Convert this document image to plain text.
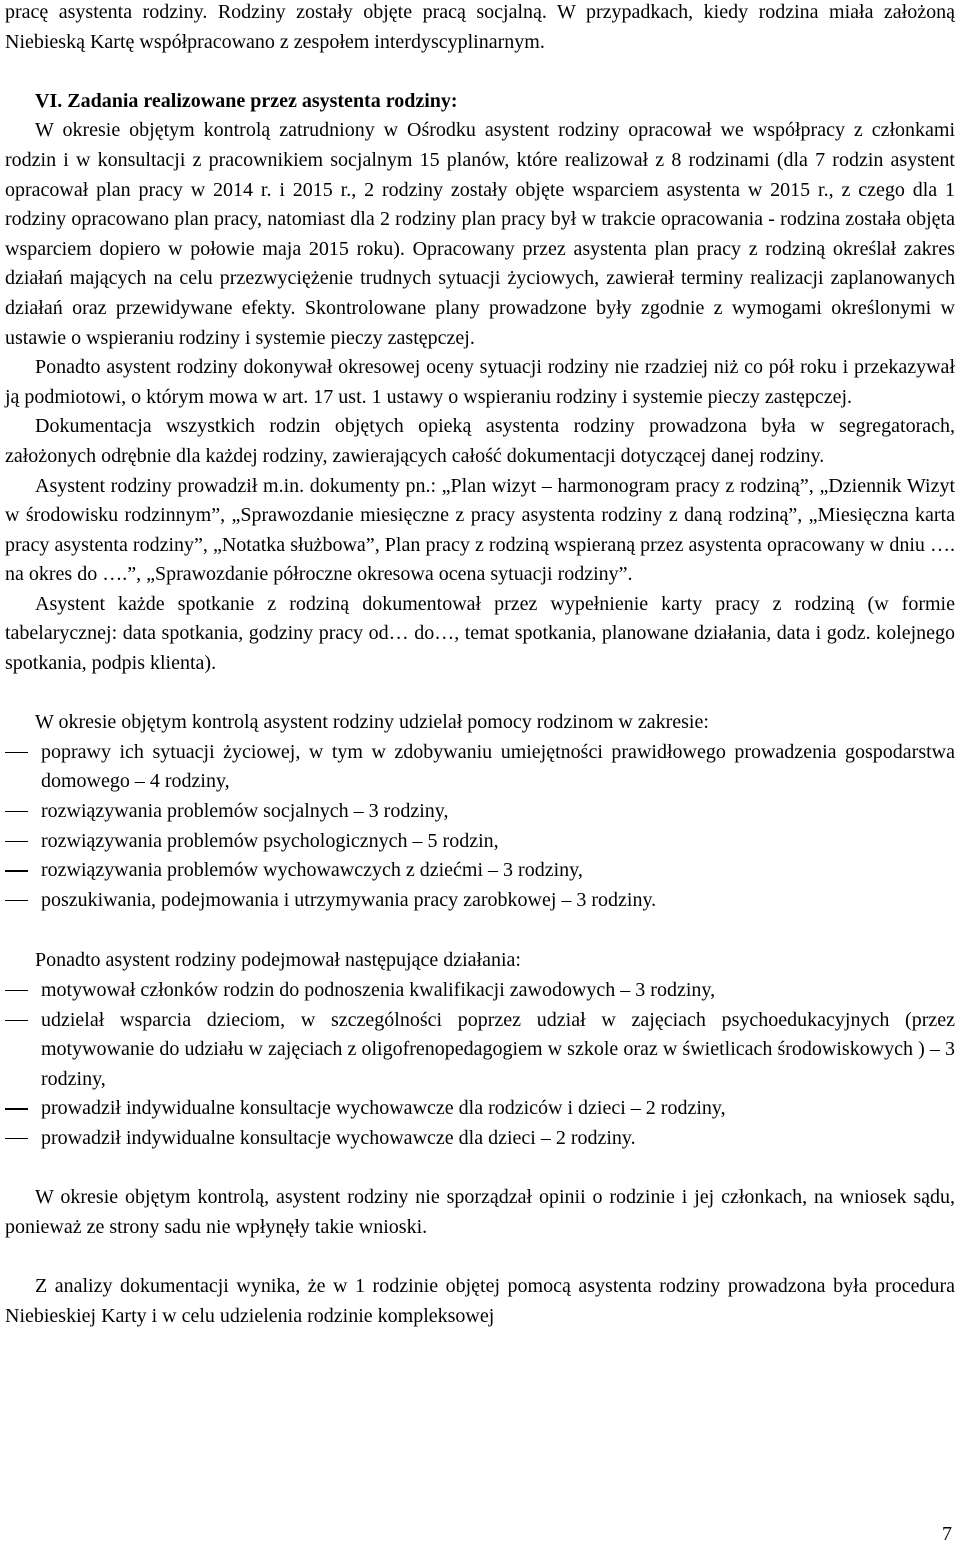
pracę asystenta rodziny. Rodziny zostały objęte pracą socjalną. W przypadkach, kiedy rodzina miała założoną Niebieską Kartę współpracowano z zespołem interdyscyplinarnym.

VI. Zadania realizowane przez asystenta rodziny:

W okresie objętym kontrolą zatrudniony w Ośrodku asystent rodziny opracował we współpracy z członkami rodzin i w konsultacji z pracownikiem socjalnym 15 planów, które realizował z 8 rodzinami (dla 7 rodzin asystent opracował plan pracy w 2014 r. i 2015 r., 2 rodziny zostały objęte wsparciem asystenta w 2015 r., z czego dla 1 rodziny opracowano plan pracy, natomiast dla 2 rodziny plan pracy był w trakcie opracowania - rodzina została objęta wsparciem dopiero w połowie maja 2015 roku). Opracowany przez asystenta plan pracy z rodziną określał zakres działań mających na celu przezwyciężenie trudnych sytuacji życiowych, zawierał terminy realizacji zaplanowanych działań oraz przewidywane efekty. Skontrolowane plany prowadzone były zgodnie z wymogami określonymi w ustawie o wspieraniu rodziny i systemie pieczy zastępczej.

Ponadto asystent rodziny dokonywał okresowej oceny sytuacji rodziny nie rzadziej niż co pół roku i przekazywał ją podmiotowi, o którym mowa w art. 17 ust. 1 ustawy o wspieraniu rodziny i systemie pieczy zastępczej.

Dokumentacja wszystkich rodzin objętych opieką asystenta rodziny prowadzona była w segregatorach, założonych odrębnie dla każdej rodziny, zawierających całość dokumentacji dotyczącej danej rodziny.

Asystent rodziny prowadził m.in. dokumenty pn.: „Plan wizyt – harmonogram pracy z rodziną”, „Dziennik Wizyt w środowisku rodzinnym”, „Sprawozdanie miesięczne z pracy asystenta rodziny z daną rodziną”, „Miesięczna karta pracy asystenta rodziny”, „Notatka służbowa”, Plan pracy z rodziną wspieraną przez asystenta opracowany w dniu …. na okres do ….”, „Sprawozdanie półroczne okresowa ocena sytuacji rodziny”.

Asystent każde spotkanie z rodziną dokumentował przez wypełnienie karty pracy z rodziną (w formie tabelarycznej: data spotkania, godziny pracy od… do…, temat spotkania, planowane działania, data i godz. kolejnego spotkania, podpis klienta).

W okresie objętym kontrolą asystent rodziny udzielał pomocy rodzinom w zakresie:

poprawy ich sytuacji życiowej, w tym w zdobywaniu umiejętności prawidłowego prowadzenia gospodarstwa domowego – 4 rodziny,
rozwiązywania problemów socjalnych – 3 rodziny,
rozwiązywania problemów psychologicznych – 5 rodzin,
rozwiązywania problemów wychowawczych z dziećmi – 3 rodziny,
poszukiwania, podejmowania i utrzymywania pracy zarobkowej – 3 rodziny.

Ponadto asystent rodziny podejmował następujące działania:

motywował członków rodzin do podnoszenia kwalifikacji zawodowych – 3 rodziny,
udzielał wsparcia dzieciom, w szczególności poprzez udział w zajęciach psychoedukacyjnych (przez motywowanie do udziału w zajęciach z oligofrenopedagogiem w szkole oraz w świetlicach środowiskowych ) – 3 rodziny,
prowadził indywidualne konsultacje wychowawcze dla rodziców i dzieci – 2 rodziny,
prowadził indywidualne konsultacje wychowawcze dla dzieci – 2 rodziny.

W okresie objętym kontrolą, asystent rodziny nie sporządzał opinii o rodzinie i jej członkach, na wniosek sądu, ponieważ ze strony sadu nie wpłynęły takie wnioski.

Z analizy dokumentacji wynika, że w 1 rodzinie objętej pomocą asystenta rodziny prowadzona była procedura Niebieskiej Karty i w celu udzielenia rodzinie kompleksowej

7
